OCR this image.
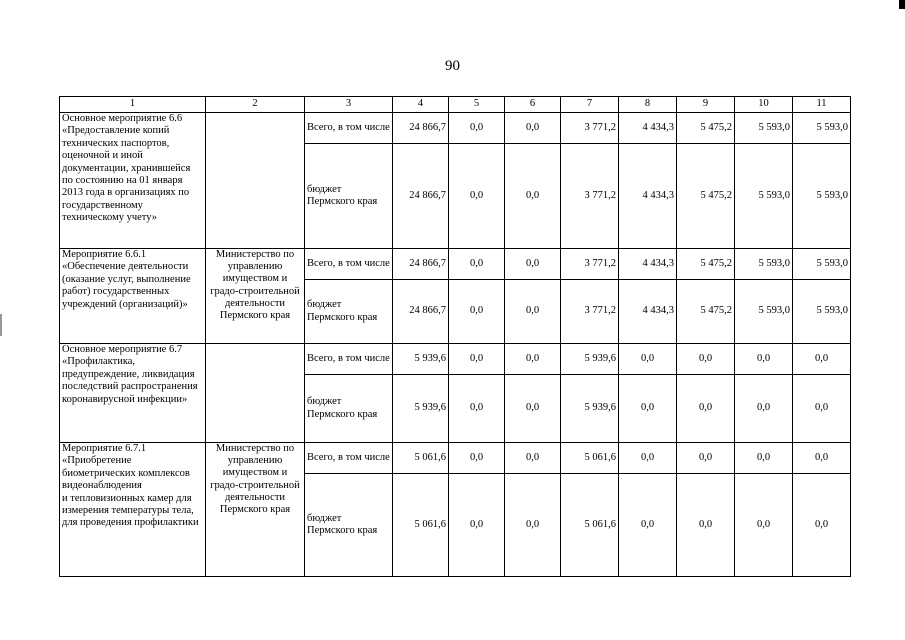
90
1	2	3	4	5	6	7	8	9	10	11
Основное мероприятие 6.6
«Предоставление копий технических паспортов, оценочной и иной документации, хранившейся
по состоянию на 01 января 2013 года в организациях по государственному техническому учету»		Всего, в том числе	24 866,7	0,0	0,0	3 771,2	4 434,3	5 475,2	5 593,0	5 593,0
		бюджет Пермского края	24 866,7	0,0	0,0	3 771,2	4 434,3	5 475,2	5 593,0	5 593,0
Мероприятие 6.6.1
«Обеспечение деятельности (оказание услуг, выполнение работ) государственных учреждений (организаций)»	Министерство по управлению имуществом и градо-строительной деятельности Пермского края	Всего, в том числе	24 866,7	0,0	0,0	3 771,2	4 434,3	5 475,2	5 593,0	5 593,0
		бюджет Пермского края	24 866,7	0,0	0,0	3 771,2	4 434,3	5 475,2	5 593,0	5 593,0
Основное мероприятие 6.7
«Профилактика, предупреждение, ликвидация последствий распространения коронавирусной инфекции»		Всего, в том числе	5 939,6	0,0	0,0	5 939,6	0,0	0,0	0,0	0,0
		бюджет Пермского края	5 939,6	0,0	0,0	5 939,6	0,0	0,0	0,0	0,0
Мероприятие 6.7.1
«Приобретение биометрических комплексов видеонаблюдения
и тепловизионных камер для измерения температуры тела,
для проведения профилактики	Министерство по управлению имуществом и градо-строительной деятельности Пермского края	Всего, в том числе	5 061,6	0,0	0,0	5 061,6	0,0	0,0	0,0	0,0
		бюджет Пермского края	5 061,6	0,0	0,0	5 061,6	0,0	0,0	0,0	0,0
